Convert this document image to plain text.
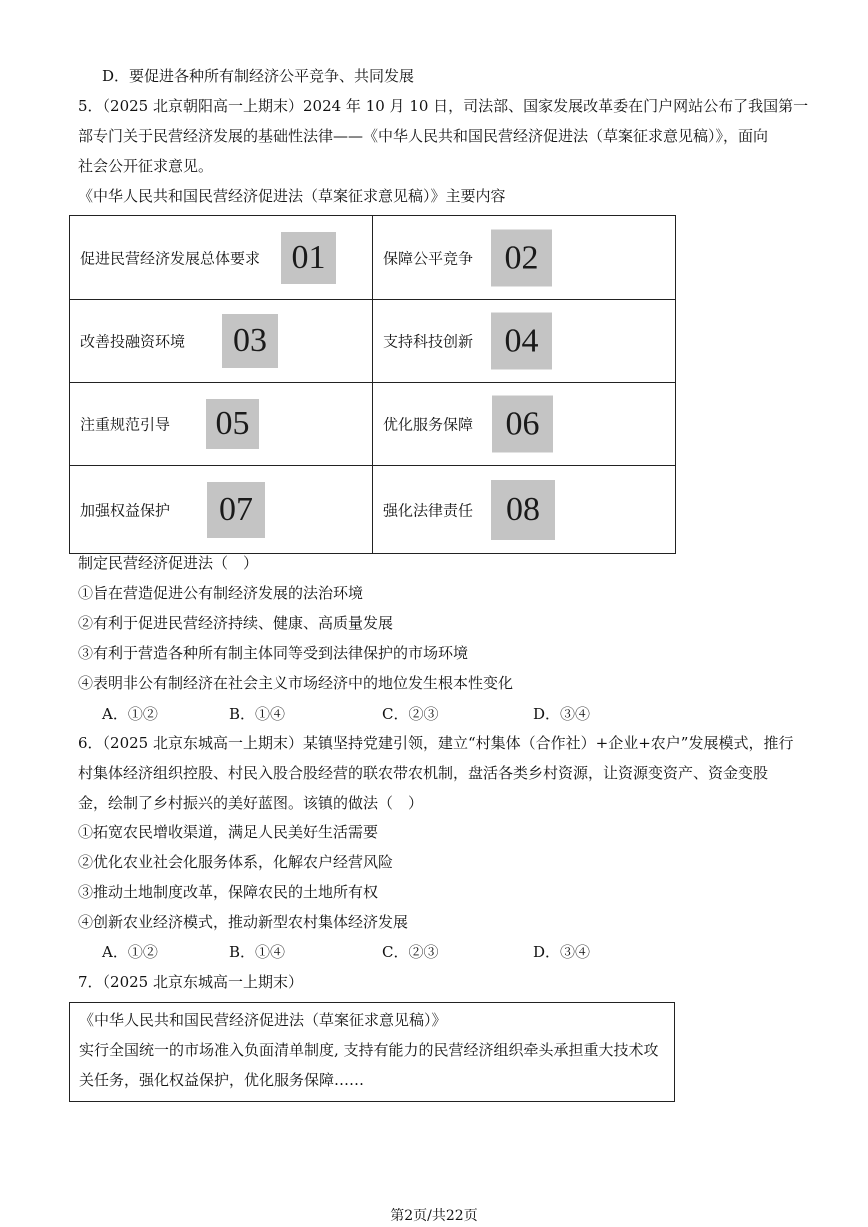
D．要促进各种所有制经济公平竞争、共同发展
5．（2025 北京朝阳高一上期末）2024 年 10 月 10 日，司法部、国家发展改革委在门户网站公布了我国第一
部专门关于民营经济发展的基础性法律——《中华人民共和国民营经济促进法（草案征求意见稿）》，面向
社会公开征求意见。
《中华人民共和国民营经济促进法（草案征求意见稿）》主要内容
促进民营经济发展总体要求 01	保障公平竞争 02

改善投融资环境 03	支持科技创新 04

注重规范引导 05	优化服务保障 06

加强权益保护 07	强化法律责任 08
制定民营经济促进法（　）
①旨在营造促进公有制经济发展的法治环境
②有利于促进民营经济持续、健康、高质量发展
③有利于营造各种所有制主体同等受到法律保护的市场环境
④表明非公有制经济在社会主义市场经济中的地位发生根本性变化
A．①②	B．①④	C．②③	D．③④
6．（2025 北京东城高一上期末）某镇坚持党建引领，建立“村集体（合作社）+企业+农户”发展模式，推行
村集体经济组织控股、村民入股合股经营的联农带农机制，盘活各类乡村资源，让资源变资产、资金变股
金，绘制了乡村振兴的美好蓝图。该镇的做法（　）
①拓宽农民增收渠道，满足人民美好生活需要
②优化农业社会化服务体系，化解农户经营风险
③推动土地制度改革，保障农民的土地所有权
④创新农业经济模式，推动新型农村集体经济发展
A．①②	B．①④	C．②③	D．③④
7．（2025 北京东城高一上期末）
《中华人民共和国民营经济促进法（草案征求意见稿）》
实行全国统一的市场准入负面清单制度, 支持有能力的民营经济组织牵头承担重大技术攻
关任务，强化权益保护，优化服务保障……
第2页/共22页
